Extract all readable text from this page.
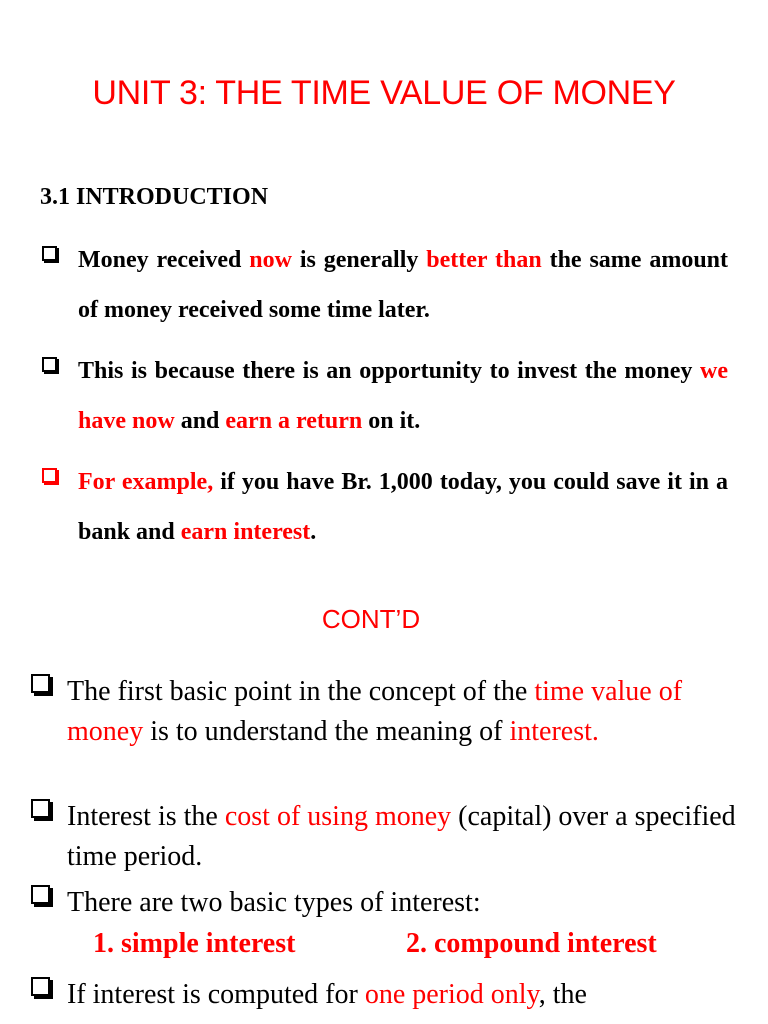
UNIT 3: THE TIME VALUE OF MONEY
3.1 INTRODUCTION
Money received now is generally better than the same amount of money received some time later.
This is because there is an opportunity to invest the money we have now and earn a return on it.
For example, if you have Br. 1,000 today, you could save it in a bank and earn interest.
CONT’D
The first basic point in the concept of the time value of money is to understand the meaning of interest.
Interest is the cost of using money (capital) over a specified time period.
There are two basic types of interest:
1. simple interest	2. compound interest
If interest is computed for one period only, the
